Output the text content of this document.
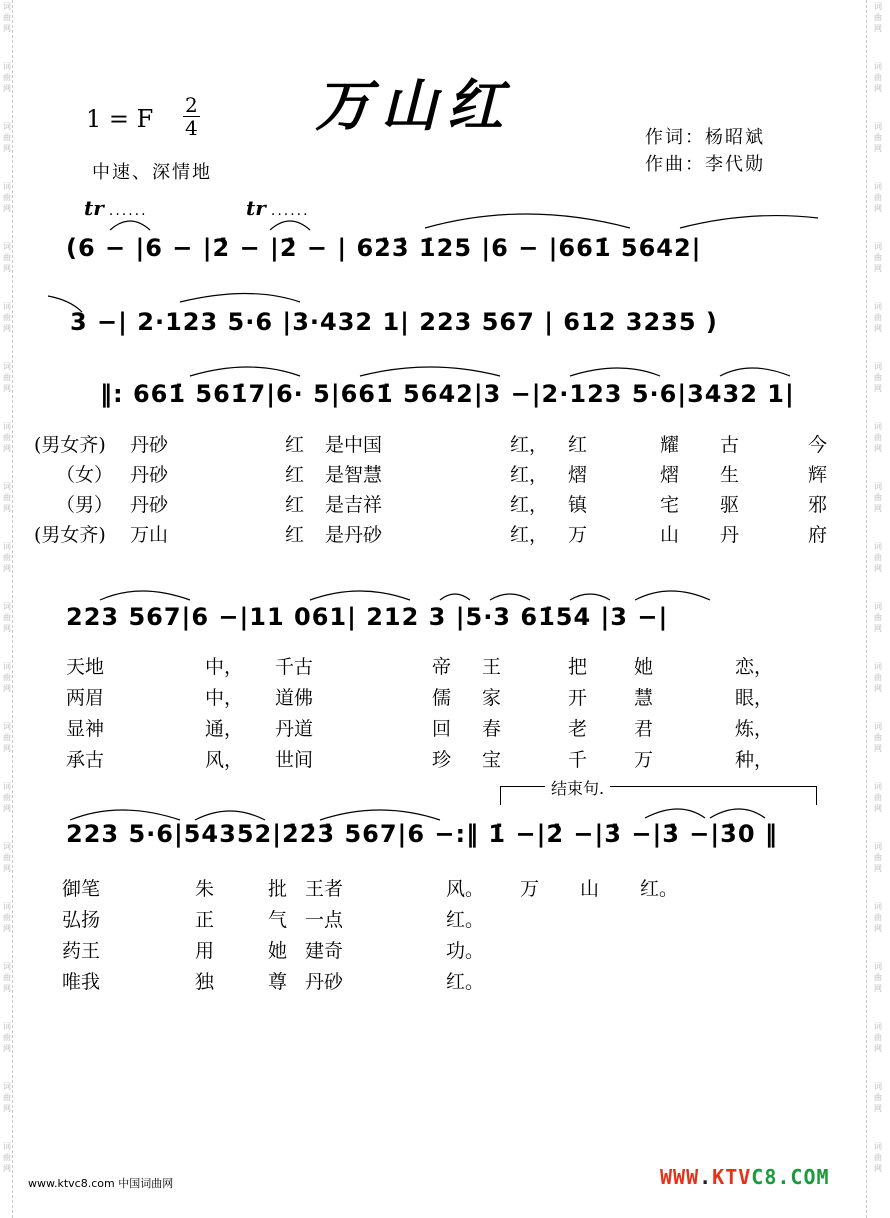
词
曲
网
词
曲
网
词
曲
网
词
曲
网
词
曲
网
词
曲
网
词
曲
网
词
曲
网
词
曲
网
词
曲
网
词
曲
网
词
曲
网
词
曲
网
词
曲
网
词
曲
网
词
曲
网
词
曲
网
词
曲
网
词
曲
网
词
曲
网
词
曲
网
词
曲
网
词
曲
网
词
曲
网
词
曲
网
词
曲
网
词
曲
网
词
曲
网
词
曲
网
词
曲
网
词
曲
网
词
曲
网
词
曲
网
词
曲
网
词
曲
网
词
曲
网
词
曲
网
词
曲
网
词
曲
网
词
曲
网
万山红
1 = F 2
4
中速、深情地
作词：杨昭斌
作曲：李代勋
tr ......	tr ......
(6 − |6 − |2̇ − |2̇ − | 62̇3̇ 1̇25 |6 − |661̇ 5642|
3 −| 2·123 5·6 |3·432 1| 223 567 | 612 3235 )
‖: 661̇ 561̇7|6· 5|661̇ 5642|3 −|2·123 5·6|3432 1|
223 567|6 −|11 061| 212 3 |5·3 61̇54 |3 −|
223 5·6|54352|2̇2̇3̇ 567|6 −:‖ 1̇ −|2̇ −|3̇ −|3̇ −|3̇0 ‖
(男女齐) 丹砂	红 是中国	红， 红	耀 古	今
（女） 丹砂	红 是智慧	红， 熠	熠 生	辉
（男） 丹砂	红 是吉祥	红， 镇	宅 驱	邪
(男女齐) 万山	红 是丹砂	红， 万	山 丹	府
天地	中， 千古	帝 王	把 她	恋，
两眉	中， 道佛	儒 家	开 慧	眼，
显神	通， 丹道	回 春	老 君	炼，
承古	风， 世间	珍 宝	千 万	种，
结束句.
御笔	朱	批 王者	风。 万 山 红。
弘扬	正	气 一点	红。
药王	用	她 建奇	功。
唯我	独	尊 丹砂	红。
www.ktvc8.com 中国词曲网	WWW.KTVC8.COM
